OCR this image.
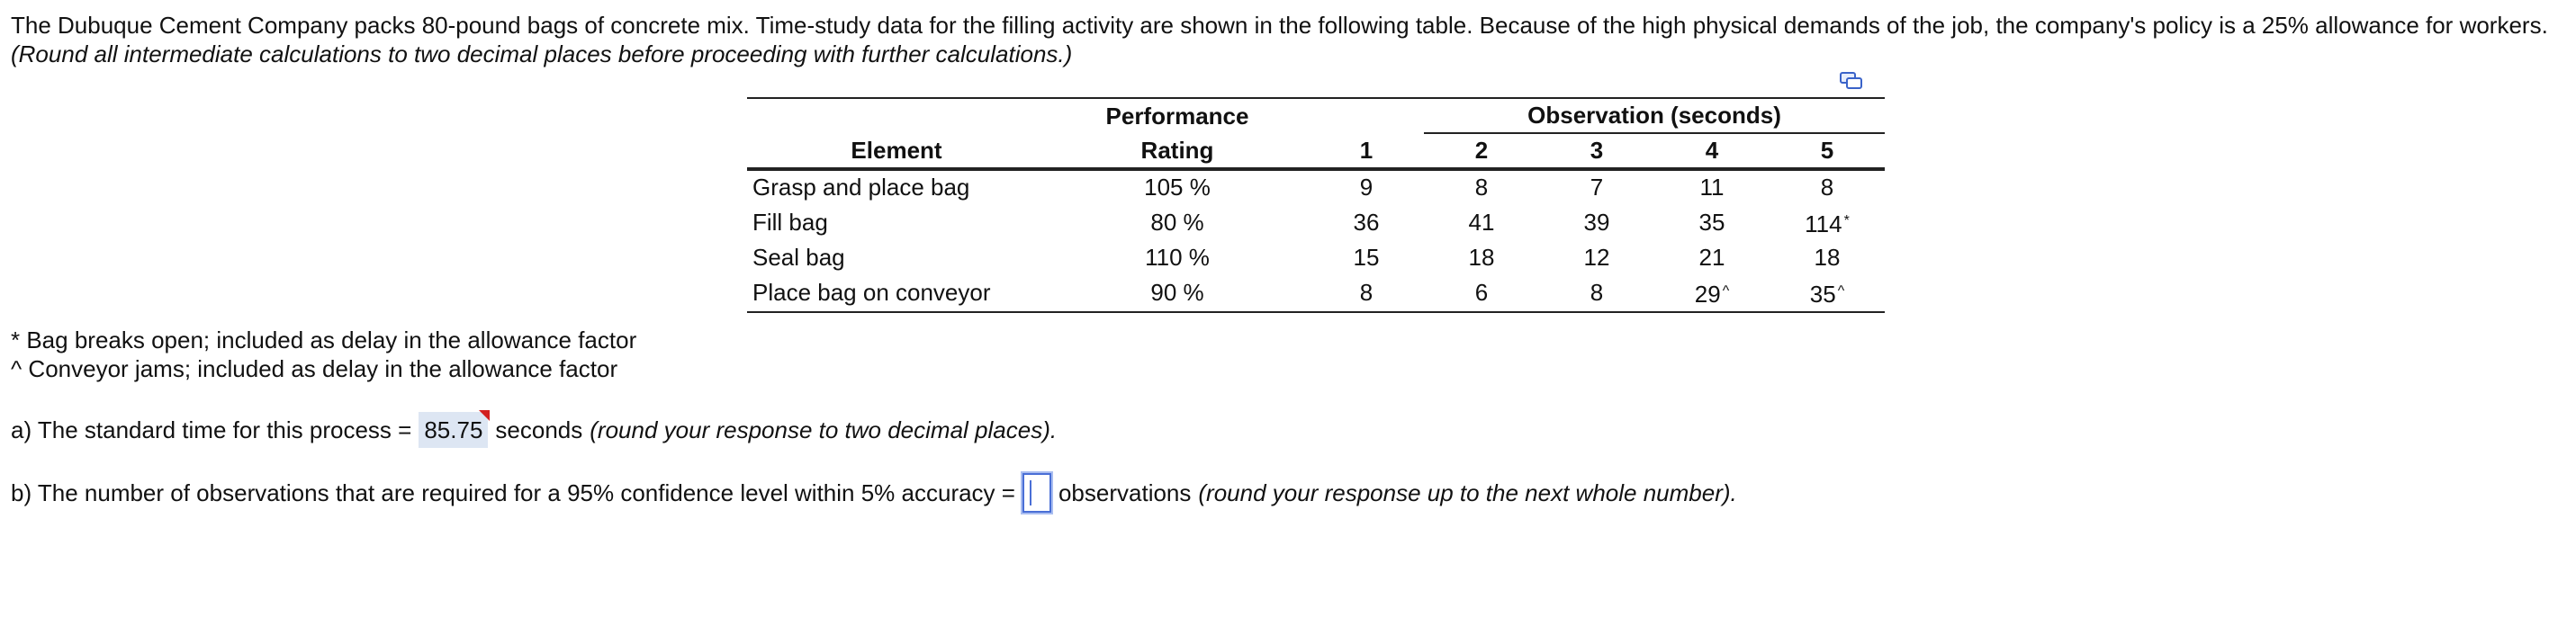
The Dubuque Cement Company packs 80-pound bags of concrete mix. Time-study data for the filling activity are shown in the following table. Because of the high physical demands of the job, the company's policy is a 25% allowance for workers.
(Round all intermediate calculations to two decimal places before proceeding with further calculations.)
	Performance		Observation (seconds)			
Element	Rating	1	2	3	4	5
Grasp and place bag	105 %	9	8	7	11	8
Fill bag	80 %	36	41	39	35	114 *
Seal bag	110 %	15	18	12	21	18
Place bag on conveyor	90 %	8	6	8	29 ^	35 ^
* Bag breaks open; included as delay in the allowance factor
^ Conveyor jams; included as delay in the allowance factor
a) The standard time for this process = 85.75 seconds (round your response to two decimal places).
b) The number of observations that are required for a 95% confidence level within 5% accuracy = observations (round your response up to the next whole number).
